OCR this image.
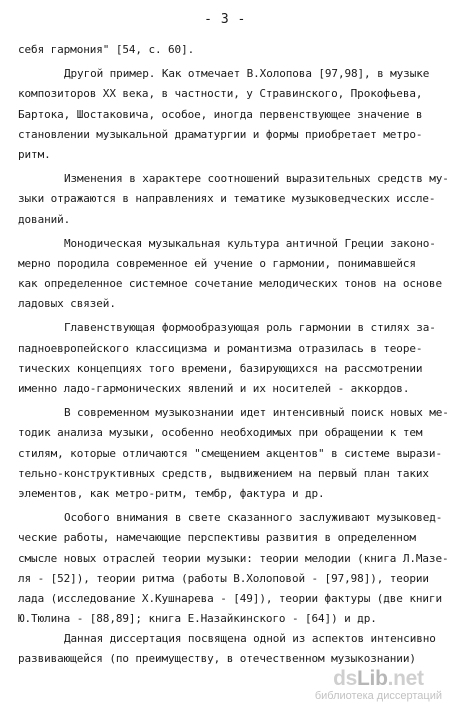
- 3 -
себя гармония" [54, с. 60].
Другой пример. Как отмечает В.Холопова [97,98], в музыке
композиторов XX века, в частности, у Стравинского, Прокофьева,
Бартока, Шостаковича, особое, иногда первенствующее значение в
становлении музыкальной драматургии и формы приобретает метро-
ритм.
Изменения в характере соотношений выразительных средств му-
зыки отражаются в направлениях и тематике музыковедческих иссле-
дований.
Монодическая музыкальная культура античной Греции законо-
мерно породила современное ей учение о гармонии, понимавшейся
как определенное системное сочетание мелодических тонов на основе
ладовых связей.
Главенствующая формообразующая роль гармонии в стилях за-
падноевропейского классицизма и романтизма отразилась в теоре-
тических концепциях того времени, базирующихся на рассмотрении
именно ладо-гармонических явлений и их носителей - аккордов.
В современном музыкознании идет интенсивный поиск новых ме-
тодик анализа музыки, особенно необходимых при обращении к тем
стилям, которые отличаются "смещением акцентов" в системе вырази-
тельно-конструктивных средств, выдвижением на первый план таких
элементов, как метро-ритм, тембр, фактура и др.
Особого внимания в свете сказанного заслуживают музыковед-
ческие работы, намечающие перспективы развития в определенном
смысле новых отраслей теории музыки: теории мелодии (книга Л.Мазе-
ля - [52]), теории ритма (работы В.Холоповой - [97,98]), теории
лада (исследование Х.Кушнарева - [49]), теории фактуры (две книги
Ю.Тюлина - [88,89]; книга Е.Назайкинского - [64]) и др.
Данная диссертация посвящена одной из аспектов интенсивно
развивающейся (по преимуществу, в отечественном музыкознании)
dsLib.net
библиотека диссертаций
